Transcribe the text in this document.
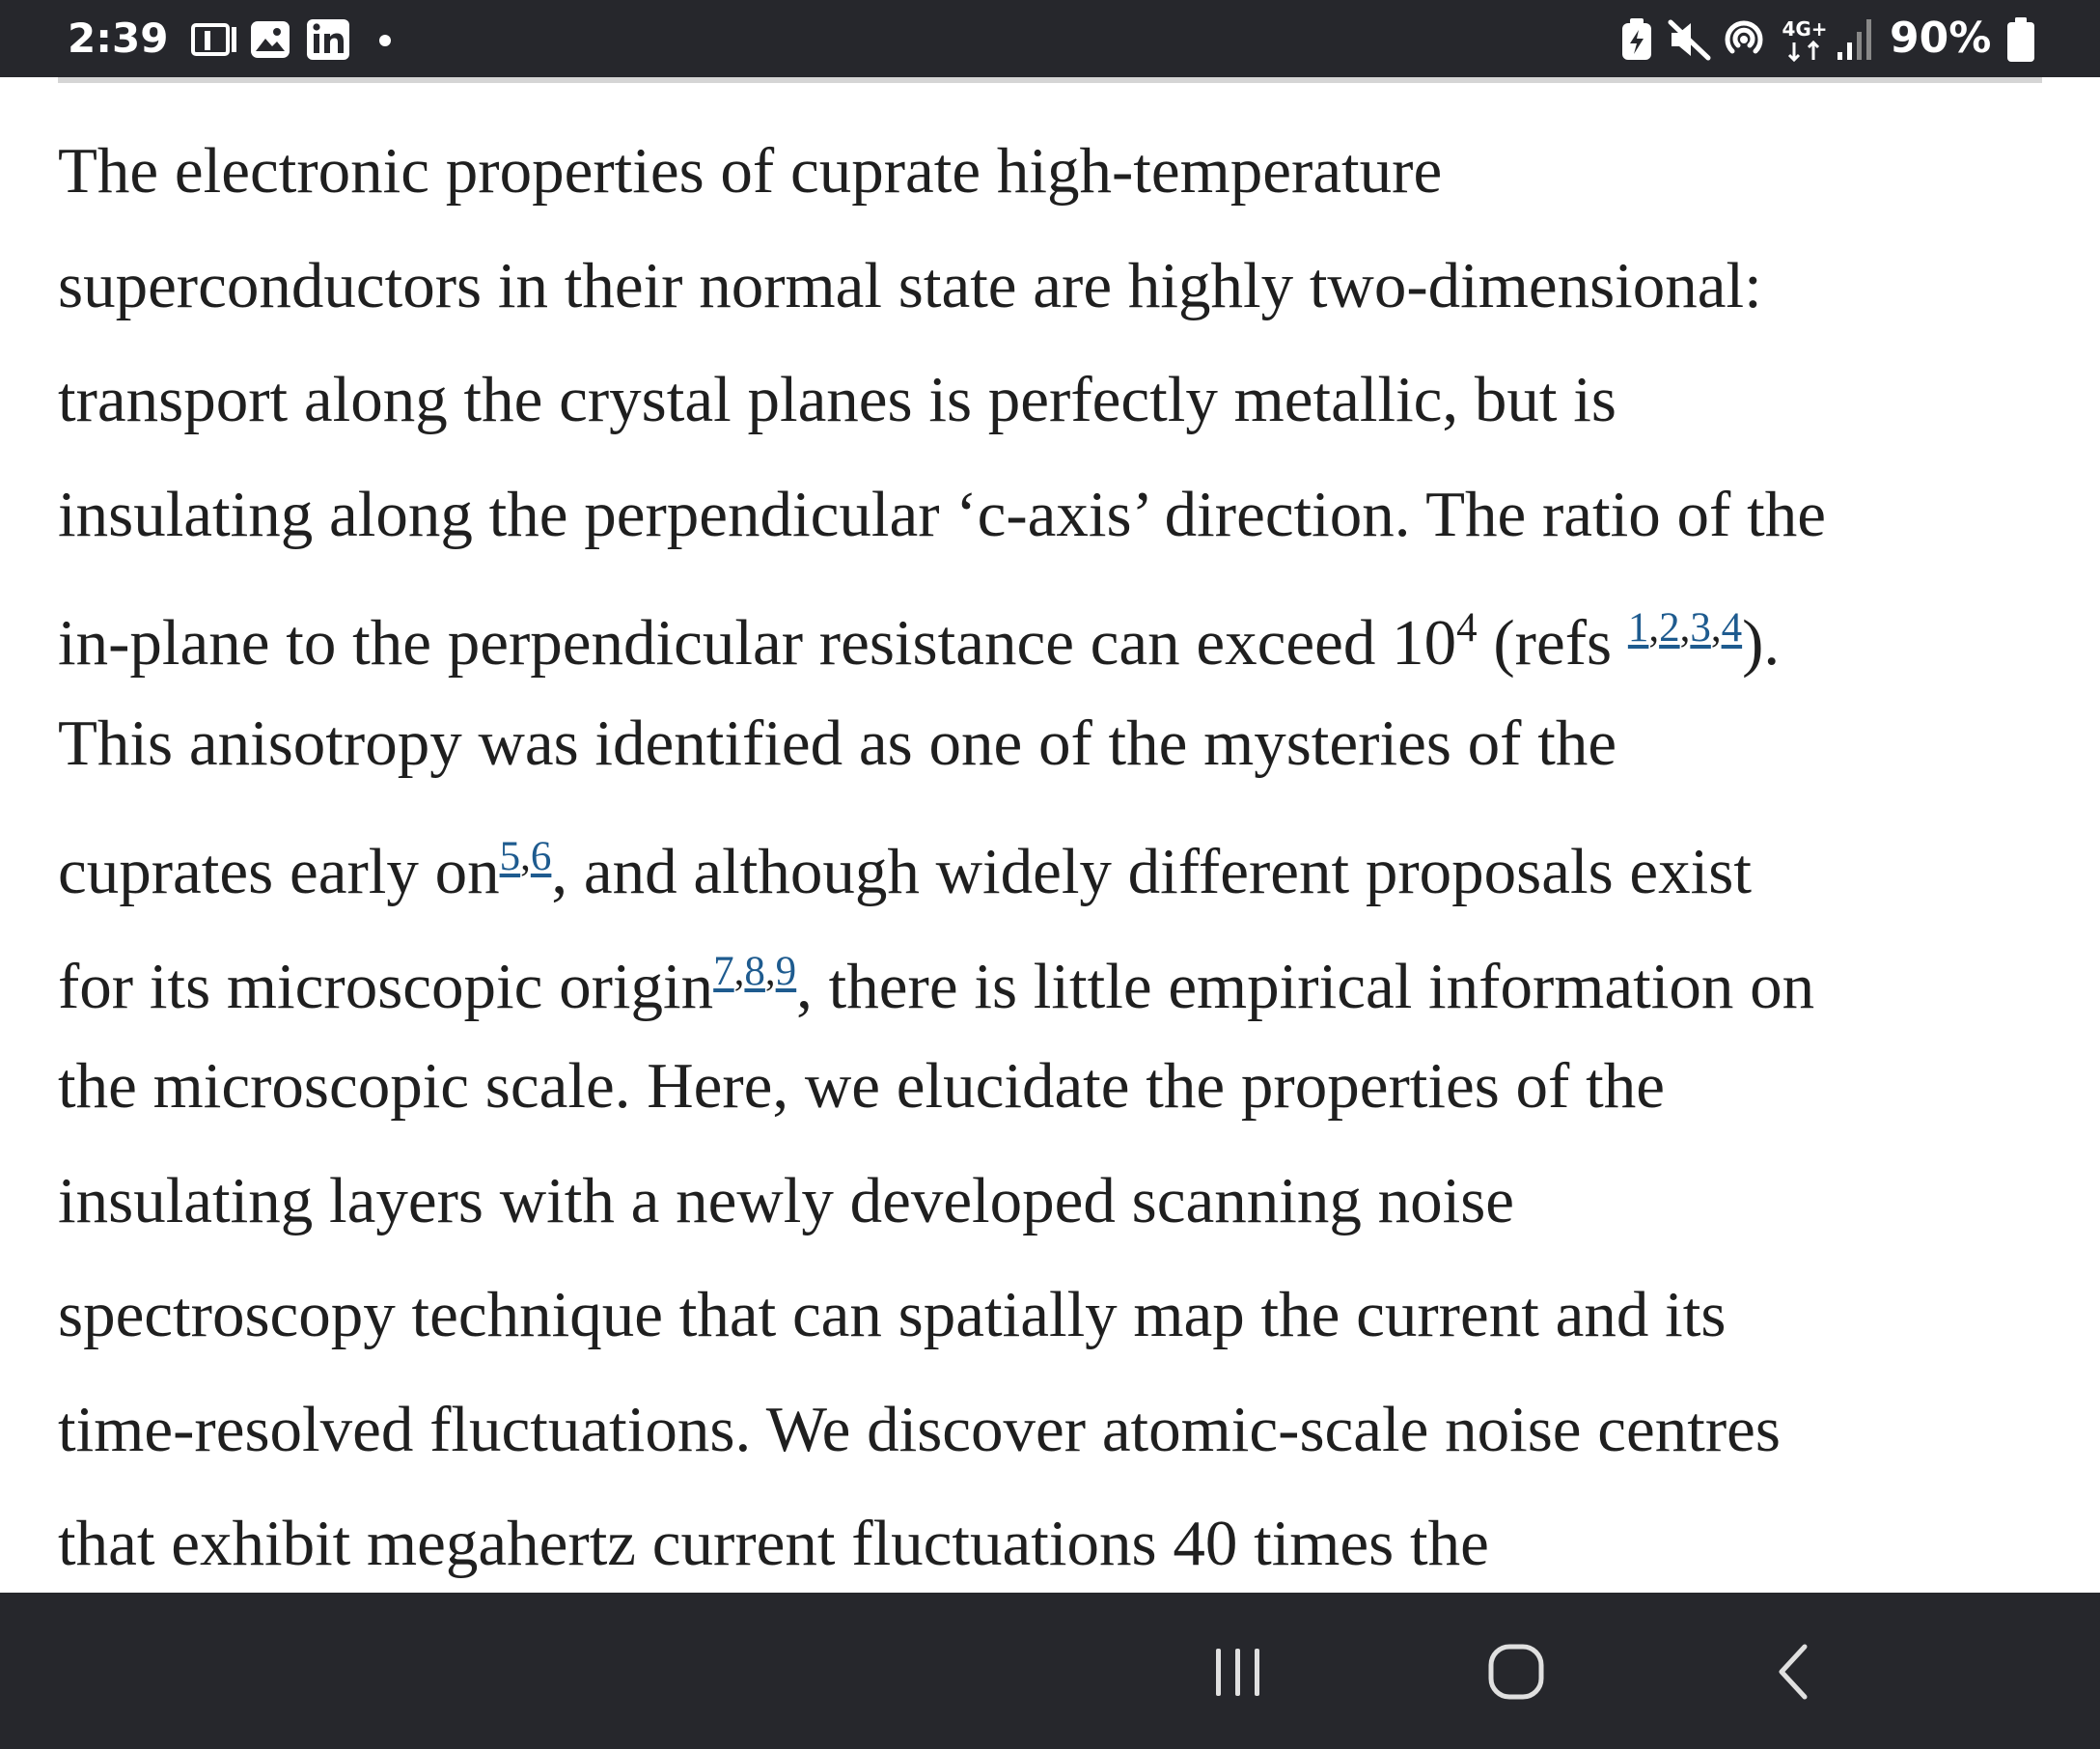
2:39	4G+ 90%
The electronic properties of cuprate high-temperature
superconductors in their normal state are highly two-dimensional:
transport along the crystal planes is perfectly metallic, but is
insulating along the perpendicular ‘c-axis’ direction. The ratio of the
in-plane to the perpendicular resistance can exceed $10^4$ (refs $^{1,2,3,4}$).
This anisotropy was identified as one of the mysteries of the
cuprates early on$^{5,6}$, and although widely different proposals exist
for its microscopic origin$^{7,8,9}$, there is little empirical information on
the microscopic scale. Here, we elucidate the properties of the
insulating layers with a newly developed scanning noise
spectroscopy technique that can spatially map the current and its
time-resolved fluctuations. We discover atomic-scale noise centres
that exhibit megahertz current fluctuations 40 times the
